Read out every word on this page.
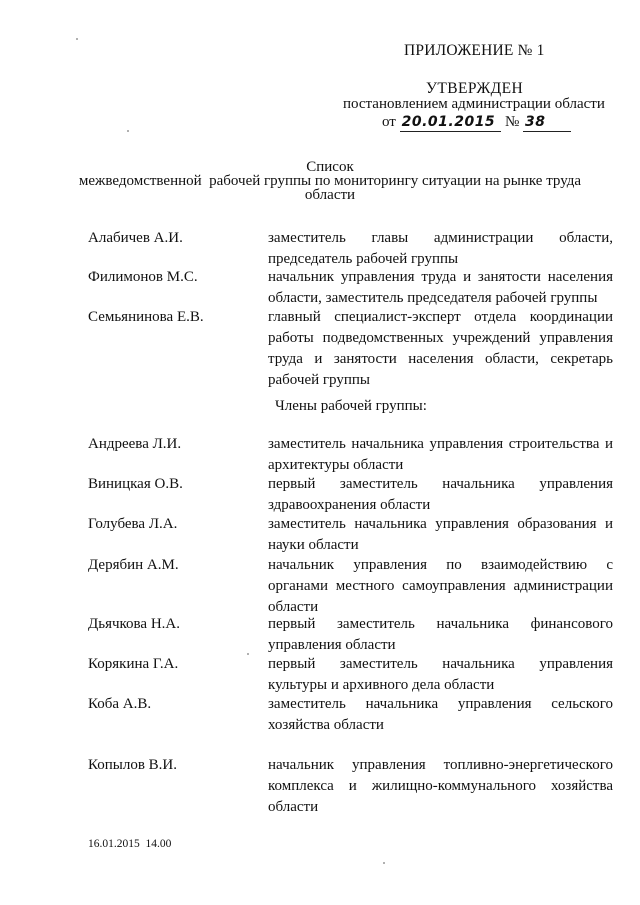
ПРИЛОЖЕНИЕ № 1
УТВЕРЖДЕН
постановлением администрации области
от 20.01.2015 № 38
Список
межведомственной  рабочей группы по мониторингу ситуации на рынке труда
области
Алабичев А.И.	заместитель главы администрации области, председатель рабочей группы
Филимонов М.С.	начальник управления труда и занятости населения области, заместитель председателя рабочей группы
Семьянинова Е.В.	главный специалист-эксперт отдела координации работы подведомственных учреждений управления труда и занятости населения области, секретарь рабочей группы
Члены рабочей группы:
Андреева Л.И.	заместитель начальника управления строительства и архитектуры области
Виницкая О.В.	первый заместитель начальника управления здравоохранения области
Голубева Л.А.	заместитель начальника управления образования и науки области
Дерябин А.М.	начальник управления по взаимодействию с органами местного самоуправления администрации области
Дьячкова Н.А.	первый заместитель начальника финансового управления области
Корякина Г.А.	первый заместитель начальника управления культуры и архивного дела области
Коба А.В.	заместитель начальника управления сельского хозяйства области
Копылов В.И.	начальник управления топливно-энергетического комплекса и жилищно-коммунального хозяйства области
16.01.2015  14.00
